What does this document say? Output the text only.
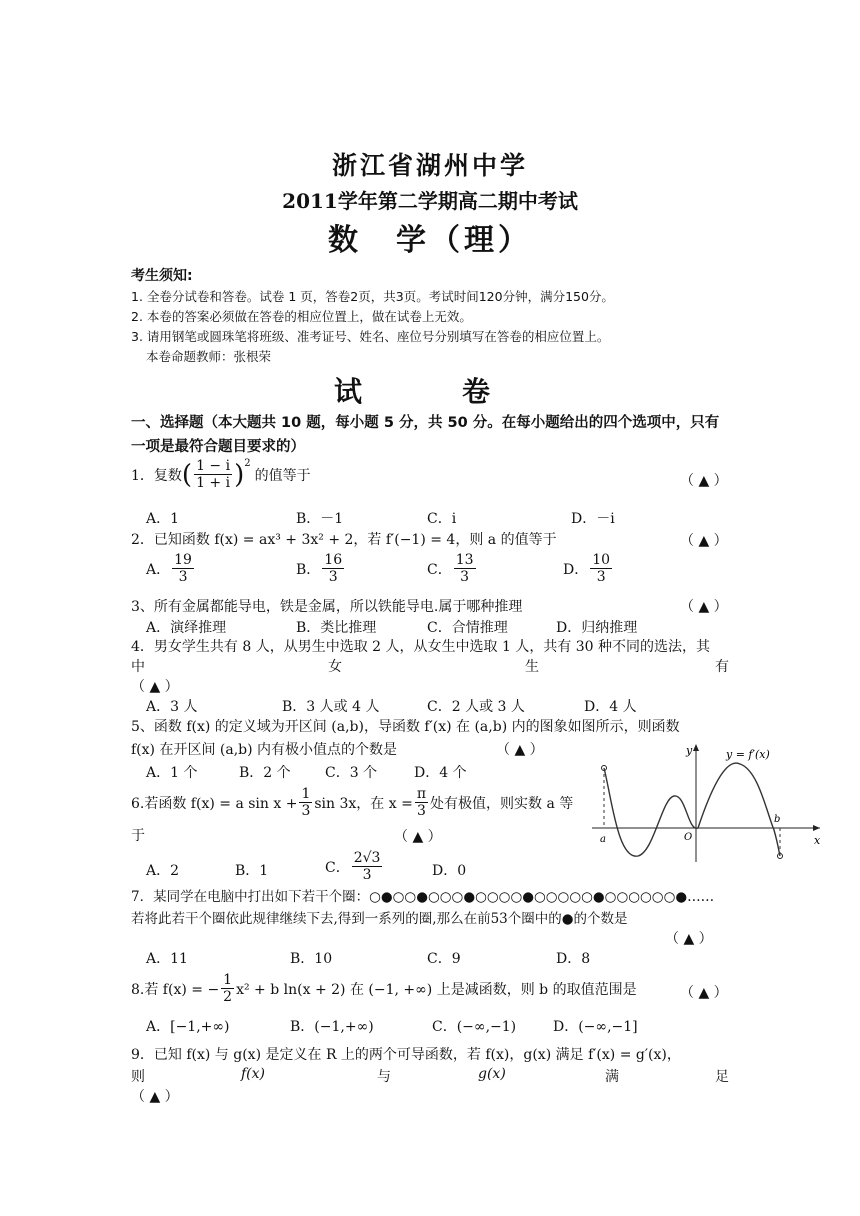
浙江省湖州中学
2011学年第二学期高二期中考试
数　学（理）
考生须知:
1. 全卷分试卷和答卷。试卷 1 页，答卷2页，共3页。考试时间120分钟，满分150分。
2. 本卷的答案必须做在答卷的相应位置上，做在试卷上无效。
3. 请用钢笔或圆珠笔将班级、准考证号、姓名、座位号分别填写在答卷的相应位置上。
本卷命题教师：张根荣
试　卷
一、选择题（本大题共 10 题，每小题 5 分，共 50 分。在每小题给出的四个选项中，只有
一项是最符合题目要求的）
1．复数 ( $\frac{1 - i}{1 + i} )^2$
的值等于	（ ▲ ）
A．1	B．－1	C．i	D．－i
2．已知函数 f(x) = ax³ + 3x² + 2，若 f′(−1) = 4，则 a 的值等于	（ ▲ ）
A． $\frac{19}{3}$	B． $\frac{16}{3}$	C． $\frac{13}{3}$	D． $\frac{10}{3}$
3、所有金属都能导电，铁是金属，所以铁能导电.属于哪种推理	（ ▲ ）
A．演绎推理	B．类比推理	C．合情推理	D．归纳推理
4．男女学生共有 8 人，从男生中选取 2 人，从女生中选取 1 人，共有 30 种不同的选法，其
中	女	生	有
（ ▲ ）
A．3 人	B．3 人或 4 人	C．2 人或 3 人	D．4 人
5、函数 f(x) 的定义域为开区间 (a,b)，导函数 f′(x) 在 (a,b) 内的图象如图所示，则函数
f(x) 在开区间 (a,b) 内有极小值点的个数是	（ ▲ ）
A．1 个	B．2 个 C．3 个	D．4 个
y
x
y = f′(x)
a
b
O
6.若函数 f(x) = a $\sin x + \frac{1}{3}$ sin 3x，在 $x = \frac{\pi}{3}$ 处有极值，则实数 a 等
于	（ ▲ ）
A．2	B．1	C． $\frac{2√3}{3}$	D．0
7．某同学在电脑中打出如下若干个圈：○●○○●○○○●○○○○●○○○○○●○○○○○○●……
若将此若干个圈依此规律继续下去,得到一系列的圈,那么在前53个圈中的●的个数是
（ ▲ ）
A．11	B．10	C．9	D．8
8.若 f(x) = − $\frac{1}{2} x^2 + b$ ln(x + 2) 在 (−1, +∞) 上是减函数，则 b 的取值范围是	（ ▲ ）
A．[−1,+∞)	B．(−1,+∞)	C．(−∞,−1)	D．(−∞,−1]
9．已知 f(x) 与 g(x) 是定义在 R 上的两个可导函数，若 f(x)，g(x) 满足 f′(x) = g′(x)，
则	f(x)	与	g(x)	满	足
（ ▲ ）
